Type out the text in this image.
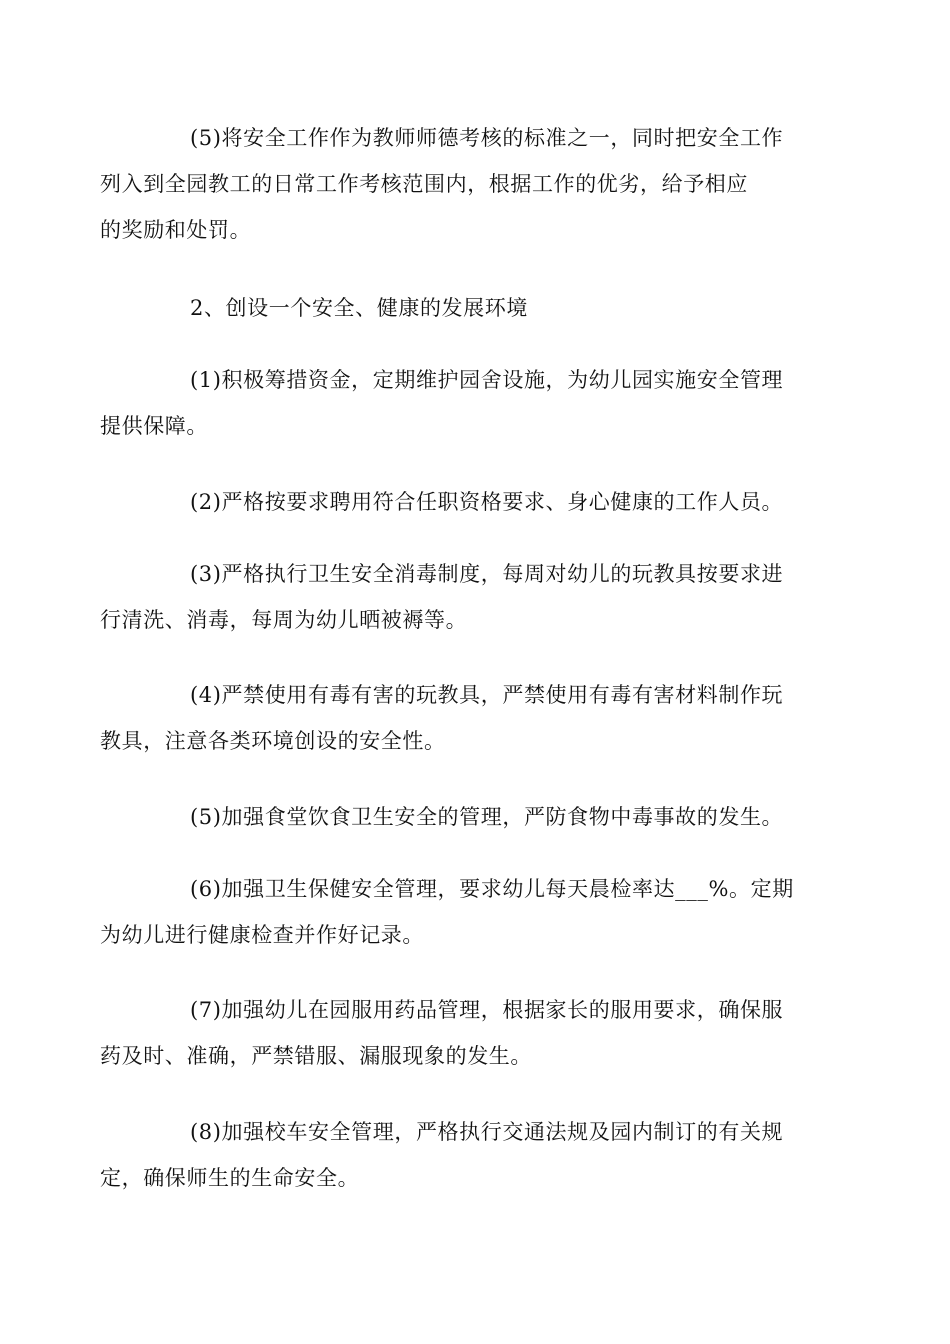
(5)将安全工作作为教师师德考核的标准之一，同时把安全工作
列入到全园教工的日常工作考核范围内，根据工作的优劣，给予相应
的奖励和处罚。

2、创设一个安全、健康的发展环境

(1)积极筹措资金，定期维护园舍设施，为幼儿园实施安全管理
提供保障。

(2)严格按要求聘用符合任职资格要求、身心健康的工作人员。

(3)严格执行卫生安全消毒制度，每周对幼儿的玩教具按要求进
行清洗、消毒，每周为幼儿晒被褥等。

(4)严禁使用有毒有害的玩教具，严禁使用有毒有害材料制作玩
教具，注意各类环境创设的安全性。

(5)加强食堂饮食卫生安全的管理，严防食物中毒事故的发生。

(6)加强卫生保健安全管理，要求幼儿每天晨检率达___%。定期
为幼儿进行健康检查并作好记录。

(7)加强幼儿在园服用药品管理，根据家长的服用要求，确保服
药及时、准确，严禁错服、漏服现象的发生。

(8)加强校车安全管理，严格执行交通法规及园内制订的有关规
定，确保师生的生命安全。
